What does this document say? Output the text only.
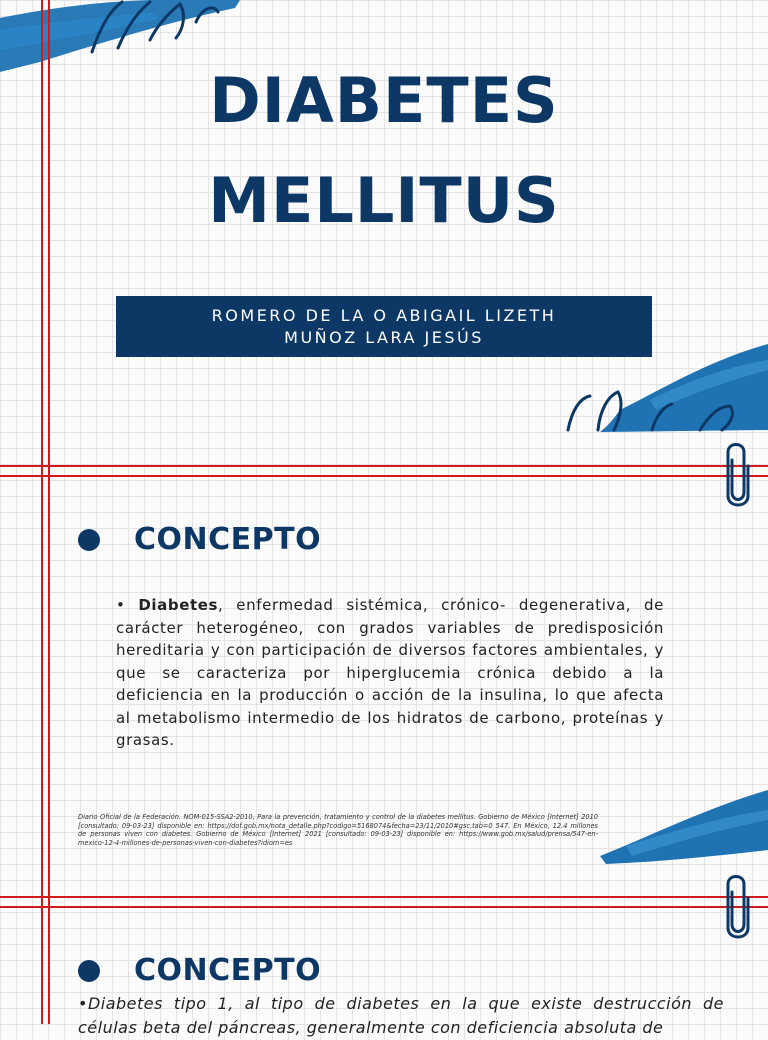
DIABETES
MELLITUS
ROMERO DE LA O ABIGAIL LIZETH
MUÑOZ LARA JESÚS
CONCEPTO
• Diabetes, enfermedad sistémica, crónico- degenerativa, de carácter heterogéneo, con grados variables de predisposición hereditaria y con participación de diversos factores ambientales, y que se caracteriza por hiperglucemia crónica debido a la deficiencia en la producción o acción de la insulina, lo que afecta al metabolismo intermedio de los hidratos de carbono, proteínas y grasas.
Diario Oficial de la Federación. NOM-015-SSA2-2010, Para la prevención, tratamiento y control de la diabetes mellitus. Gobierno de México [Internet] 2010 [consultado: 09-03-23] disponible en: https://dof.gob.mx/nota_detalle.php?codigo=5168074&fecha=23/11/2010#gsc.tab=0 547. En México, 12.4 millones de personas viven con diabetes. Gobierno de México [Internet] 2021 [consultado: 09-03-23] disponible en: https://www.gob.mx/salud/prensa/547-en-mexico-12-4-millones-de-personas-viven-con-diabetes?idiom=es
CONCEPTO
•Diabetes tipo 1, al tipo de diabetes en la que existe destrucción de células beta del páncreas, generalmente con deficiencia absoluta de
